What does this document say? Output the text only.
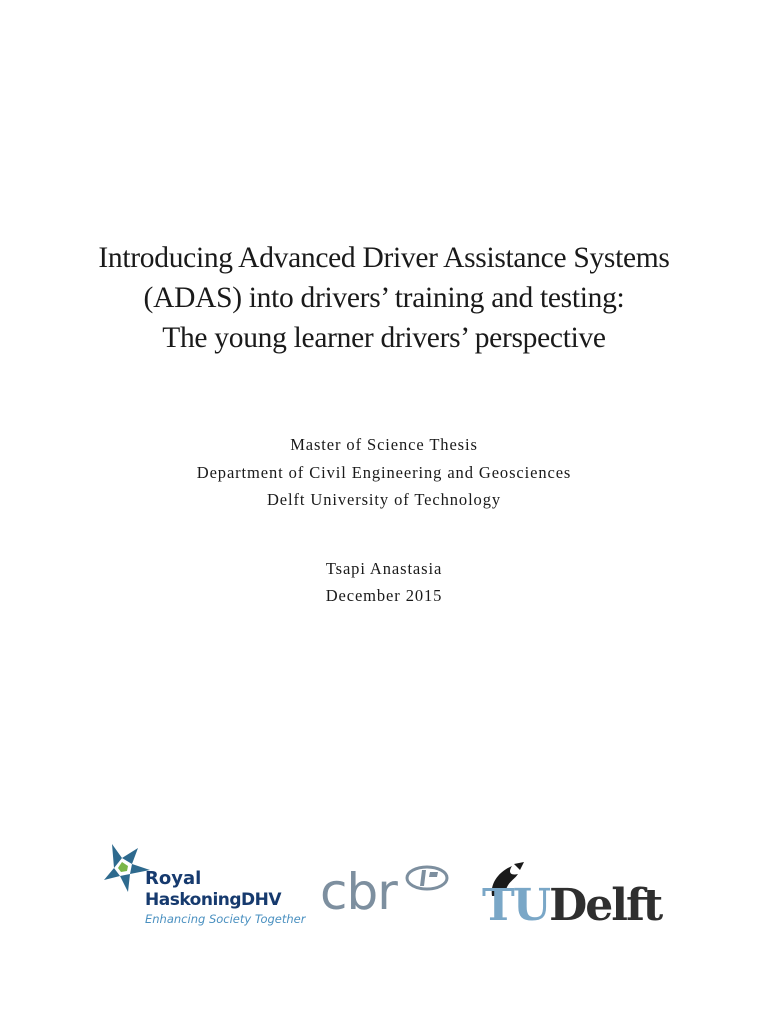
Introducing Advanced Driver Assistance Systems
(ADAS) into drivers’ training and testing:
The young learner drivers’ perspective
Master of Science Thesis
Department of Civil Engineering and Geosciences
Delft University of Technology
Tsapi Anastasia
December 2015
Royal
HaskoningDHV
Enhancing Society Together cbr TUDelft
